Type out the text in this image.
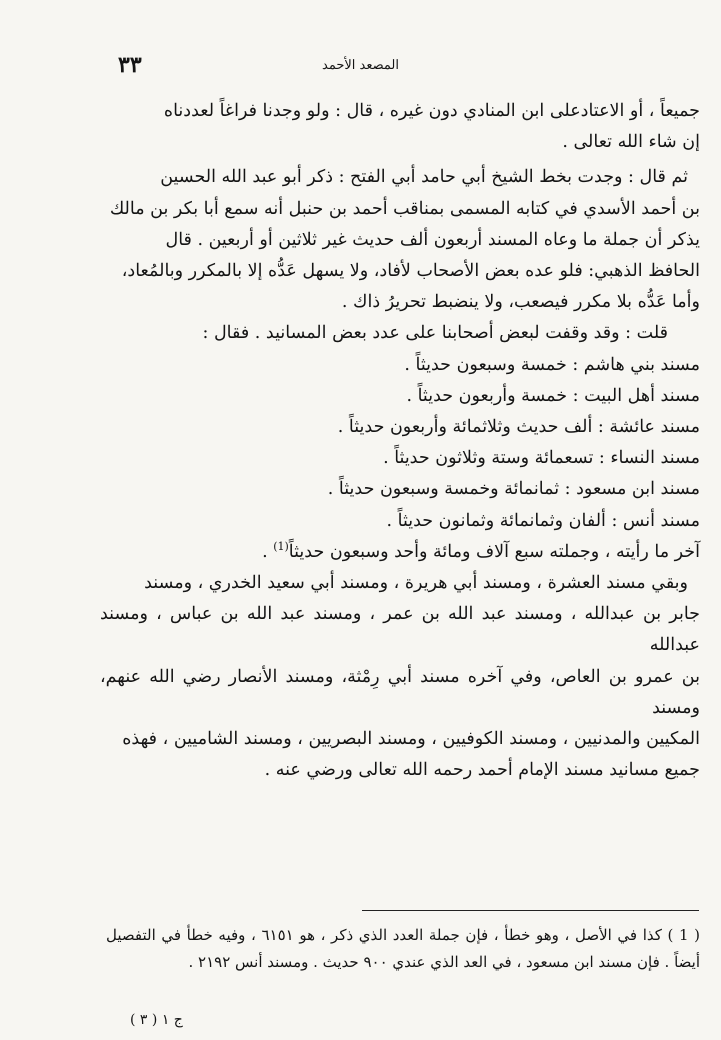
٣٣	المصعد الأحمد

جميعاً ، أو الاعتادعلى ابن المنادي دون غيره ، قال : ولو وجدنا فراغاً لعددناه

إن شاء الله تعالى .

ثم قال : وجدت بخط الشيخ أبي حامد أبي الفتح : ذكر أبو عبد الله الحسين

بن أحمد الأسدي في كتابه المسمى بمناقب أحمد بن حنبل أنه سمع أبا بكر بن مالك

يذكر أن جملة ما وعاه المسند أربعون ألف حديث غير ثلاثين أو أربعين . قال

الحافظ الذهبي: فلو عده بعض الأصحاب لأفاد، ولا يسهل عَدُّه إلا بالمكرر وبالمُعاد،

وأما عَدُّه بلا مكرر فيصعب، ولا ينضبط تحريرُ ذاك .

قلت : وقد وقفت لبعض أصحابنا على عدد بعض المسانيد . فقال :

مسند بني هاشم : خمسة وسبعون حديثاً .

مسند أهل البيت : خمسة وأربعون حديثاً .

مسند عائشة : ألف حديث وثلاثمائة وأربعون حديثاً .

مسند النساء : تسعمائة وستة وثلاثون حديثاً .

مسند ابن مسعود : ثمانمائة وخمسة وسبعون حديثاً .

مسند أنس : ألفان وثمانمائة وثمانون حديثاً .

آخر ما رأيته ، وجملته سبع آلاف ومائة وأحد وسبعون حديثاً$^{(1)}$ .

وبقي مسند العشرة ، ومسند أبي هريرة ، ومسند أبي سعيد الخدري ، ومسند

جابر بن عبدالله ، ومسند عبد الله بن عمر ، ومسند عبد الله بن عباس ، ومسند عبدالله

بن عمرو بن العاص، وفي آخره مسند أبي رِمْثة، ومسند الأنصار رضي الله عنهم، ومسند

المكيين والمدنيين ، ومسند الكوفيين ، ومسند البصريين ، ومسند الشاميين ، فهذه

جميع مسانيد مسند الإمام أحمد رحمه الله تعالى ورضي عنه .

( 1 ) كذا في الأصل ، وهو خطأ ، فإن جملة العدد الذي ذكر ، هو ٦١٥١ ، وفيه خطأ في التفصيل أيضاً . فإن مسند ابن مسعود ، في العد الذي عندي ٩٠٠ حديث . ومسند أنس ٢١٩٢ .
ج ١ ( ٣ )
